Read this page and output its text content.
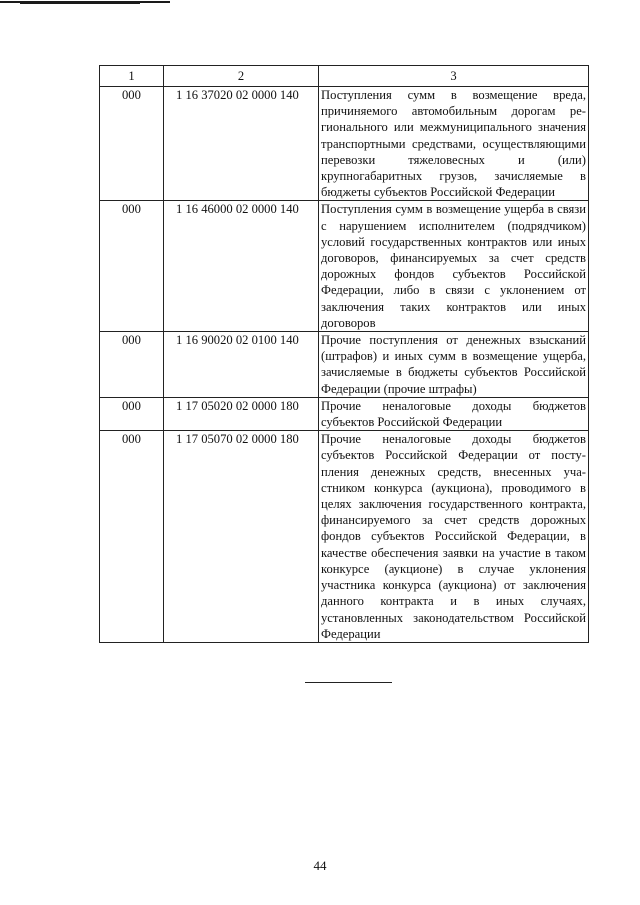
1	2	3
000	1 16 37020 02 0000 140	Поступления сумм в возмещение вреда, причиняемого автомобильным дорогам регионального или межмуниципального значения транспортными средствами, осуществляющими перевозки тяжеловесных и (или) крупногабаритных грузов, зачисляемые в бюджеты субъектов Российской Федерации
000	1 16 46000 02 0000 140	Поступления сумм в возмещение ущерба в связи с нарушением исполнителем (подрядчиком) условий государственных контрактов или иных договоров, финансируемых за счет средств дорожных фондов субъектов Российской Федерации, либо в связи с уклонением от заключения таких контрактов или иных договоров
000	1 16 90020 02 0100 140	Прочие поступления от денежных взысканий (штрафов) и иных сумм в возмещение ущерба, зачисляемые в бюджеты субъектов Российской Федерации (прочие штрафы)
000	1 17 05020 02 0000 180	Прочие неналоговые доходы бюджетов субъектов Российской Федерации
000	1 17 05070 02 0000 180	Прочие неналоговые доходы бюджетов субъектов Российской Федерации от поступления денежных средств, внесенных участником конкурса (аукциона), проводимого в целях заключения государственного контракта, финансируемого за счет средств дорожных фондов субъектов Российской Федерации, в качестве обеспечения заявки на участие в таком конкурсе (аукционе) в случае уклонения участника конкурса (аукциона) от заключения данного контракта и в иных случаях, установленных законодательством Российской Федерации
44
